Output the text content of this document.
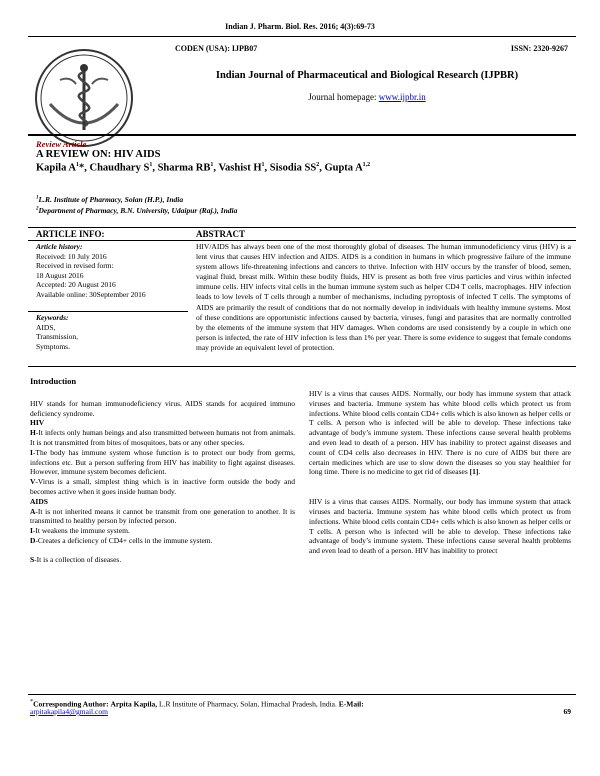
Indian J. Pharm. Biol. Res. 2016; 4(3):69-73
CODEN (USA): IJPB07	ISSN: 2320-9267
Indian Journal of Pharmaceutical and Biological Research (IJPBR)
Journal homepage: www.ijpbr.in
Review Article
A REVIEW ON: HIV AIDS
Kapila $A^1*$, Chaudhary $S^1$, Sharma $RB^1$, Vashist $H^1$, Sisodia $SS^2$, Gupta A$^{1,2}$
$^1$L.R. Institute of Pharmacy, Solan (H.P.), India
$^2$Department of Pharmacy, B.N. University, Udaipur (Raj.), India
ARTICLE INFO:	ABSTRACT
Article history:
Received: 10 July 2016
Received in revised form:
18 August 2016
Accepted: 20 August 2016
Available online: 30September 2016
Keywords:
AIDS,
Transmission,
Symptoms.
HIV/AIDS has always been one of the most thoroughly global of diseases. The human immunodeficiency virus (HIV) is a lent virus that causes HIV infection and AIDS. AIDS is a condition in humans in which progressive failure of the immune system allows life-threatening infections and cancers to thrive. Infection with HIV occurs by the transfer of blood, semen, vaginal fluid, breast milk. Within these bodily fluids, HIV is present as both free virus particles and virus within infected immune cells. HIV infects vital cells in the human immune system such as helper CD4 T cells, macrophages. HIV infection leads to low levels of T cells through a number of mechanisms, including pyroptosis of infected T cells. The symptoms of AIDS are primarily the result of conditions that do not normally develop in individuals with healthy immune systems. Most of these conditions are opportunistic infections caused by bacteria, viruses, fungi and parasites that are normally controlled by the elements of the immune system that HIV damages. When condoms are used consistently by a couple in which one person is infected, the rate of HIV infection is less than 1% per year. There is some evidence to suggest that female condoms may provide an equivalent level of protection.

Introduction

HIV stands for human immunodeficiency virus. AIDS stands for acquired immuno deficiency syndrome.

HIV

H-It infects only human beings and also transmitted between humans not from animals. It is not transmitted from bites of mosquitoes, bats or any other species.

I-The body has immune system whose function is to protect our body from germs, infections etc. But a person suffering from HIV has inability to fight against diseases. However, immune system becomes deficient.

V-Virus is a small, simplest thing which is in inactive form outside the body and becomes active when it goes inside human body.

AIDS

A-It is not inherited means it cannot be transmit from one generation to another. It is transmitted to healthy person by infected person.

I-It weakens the immune system.

D-Creates a deficiency of CD4+ cells in the immune system.

S-It is a collection of diseases.

HIV is a virus that causes AIDS. Normally, our body has immune system that attack viruses and bacteria. Immune system has white blood cells which protect us from infections. White blood cells contain CD4+ cells which is also known as helper cells or T cells. A person who is infected will be able to develop. These infections take advantage of body’s immune system. These infections cause several health problems and even lead to death of a person. HIV has inability to protect against diseases and count of CD4 cells also decreases in HIV. There is no cure of AIDS but there are certain medicines which are use to slow down the diseases so you stay healthier for long time. There is no medicine to get rid of diseases [1].

HIV is a virus that causes AIDS. Normally, our body has immune system that attack viruses and bacteria. Immune system has white blood cells which protect us from infections. White blood cells contain CD4+ cells which is also known as helper cells or T cells. A person who is infected will be able to develop. These infections take advantage of body’s immune system. These infections cause several health problems and even lead to death of a person. HIV has inability to protect

*Corresponding Author: Arpita Kapila, L.R Institute of Pharmacy, Solan, Himachal Pradesh, India. E-Mail:
arpitakapila4@gmail.com	69
